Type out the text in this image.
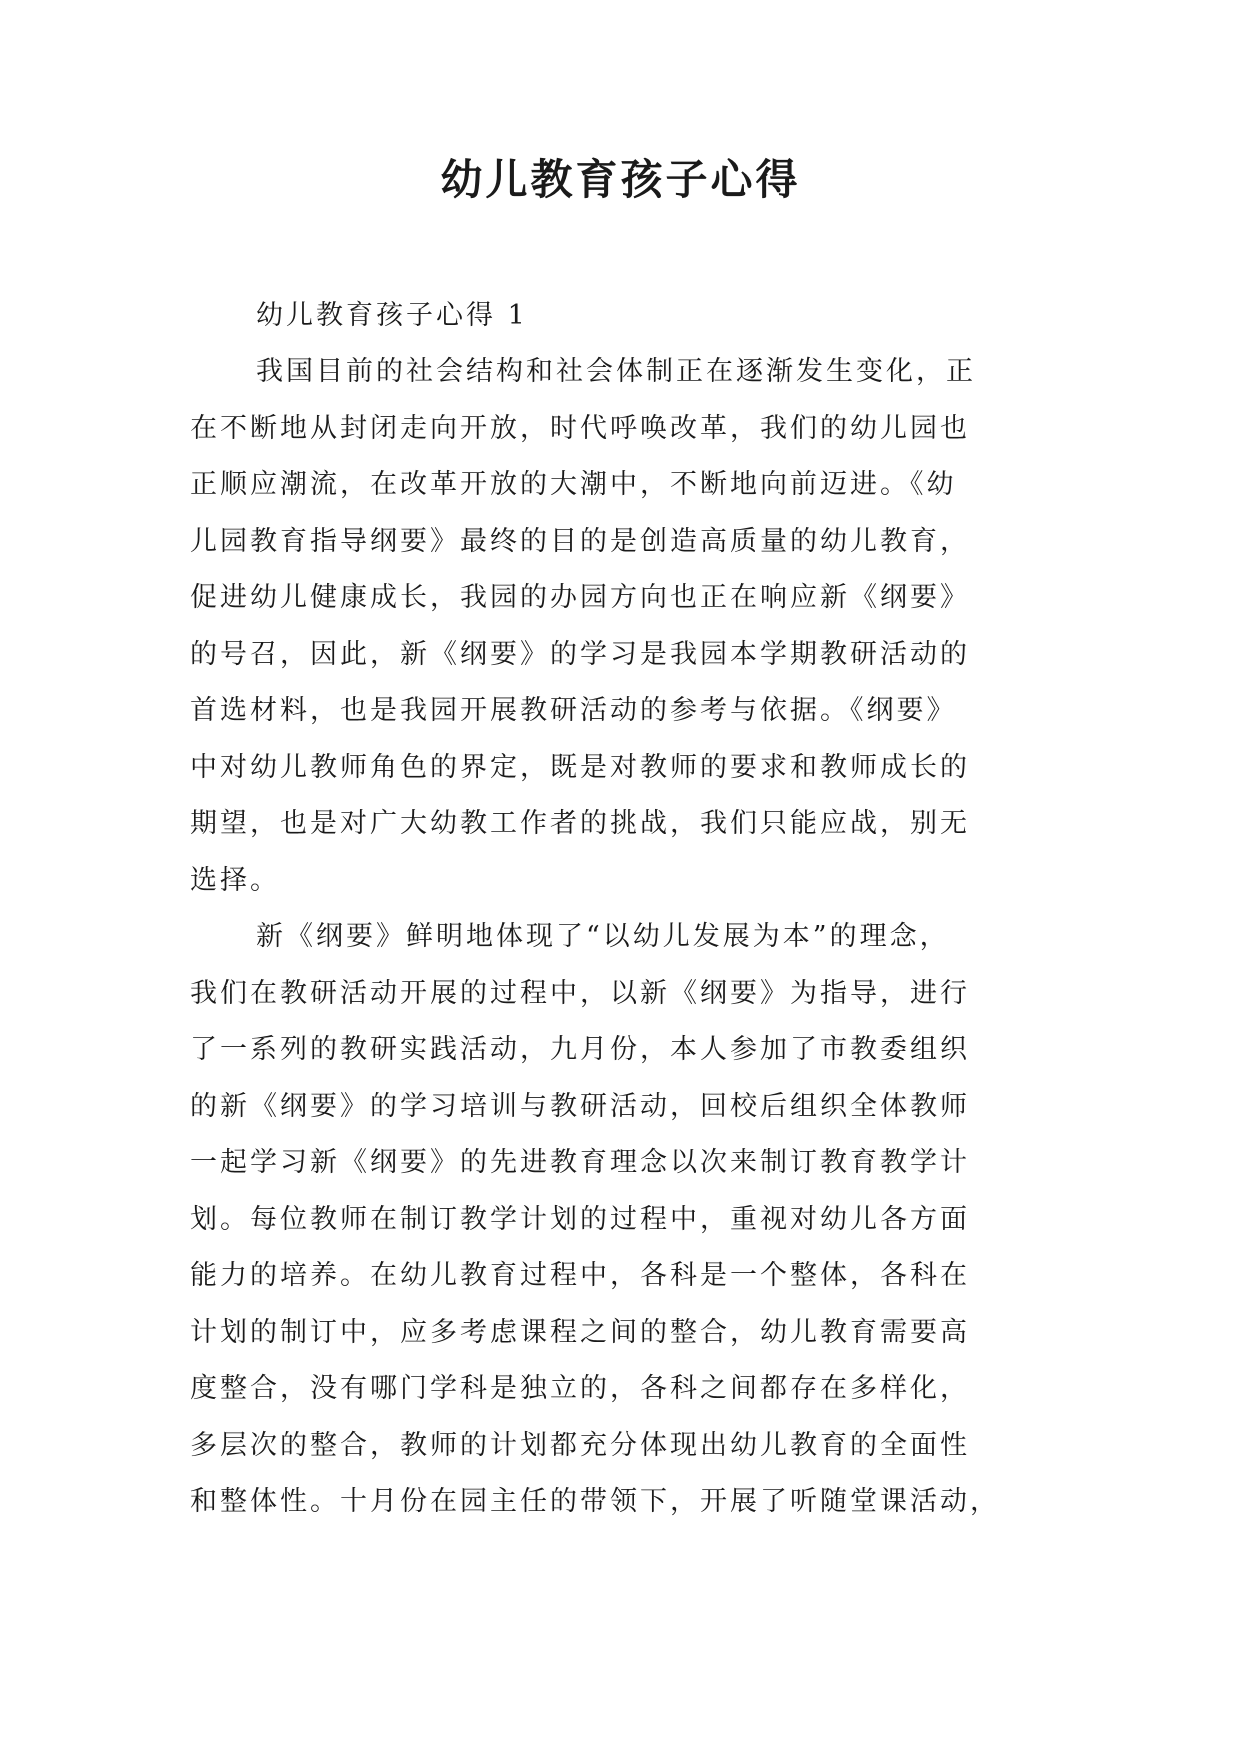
幼儿教育孩子心得

幼儿教育孩子心得 1

我国目前的社会结构和社会体制正在逐渐发生变化，正
在不断地从封闭走向开放，时代呼唤改革，我们的幼儿园也
正顺应潮流，在改革开放的大潮中，不断地向前迈进。《幼
儿园教育指导纲要》最终的目的是创造高质量的幼儿教育，
促进幼儿健康成长，我园的办园方向也正在响应新《纲要》
的号召，因此，新《纲要》的学习是我园本学期教研活动的
首选材料，也是我园开展教研活动的参考与依据。《纲要》
中对幼儿教师角色的界定，既是对教师的要求和教师成长的
期望，也是对广大幼教工作者的挑战，我们只能应战，别无
选择。
新《纲要》鲜明地体现了“以幼儿发展为本”的理念，
我们在教研活动开展的过程中，以新《纲要》为指导，进行
了一系列的教研实践活动，九月份，本人参加了市教委组织
的新《纲要》的学习培训与教研活动，回校后组织全体教师
一起学习新《纲要》的先进教育理念以次来制订教育教学计
划。每位教师在制订教学计划的过程中，重视对幼儿各方面
能力的培养。在幼儿教育过程中，各科是一个整体，各科在
计划的制订中，应多考虑课程之间的整合，幼儿教育需要高
度整合，没有哪门学科是独立的，各科之间都存在多样化，
多层次的整合，教师的计划都充分体现出幼儿教育的全面性
和整体性。十月份在园主任的带领下，开展了听随堂课活动，
